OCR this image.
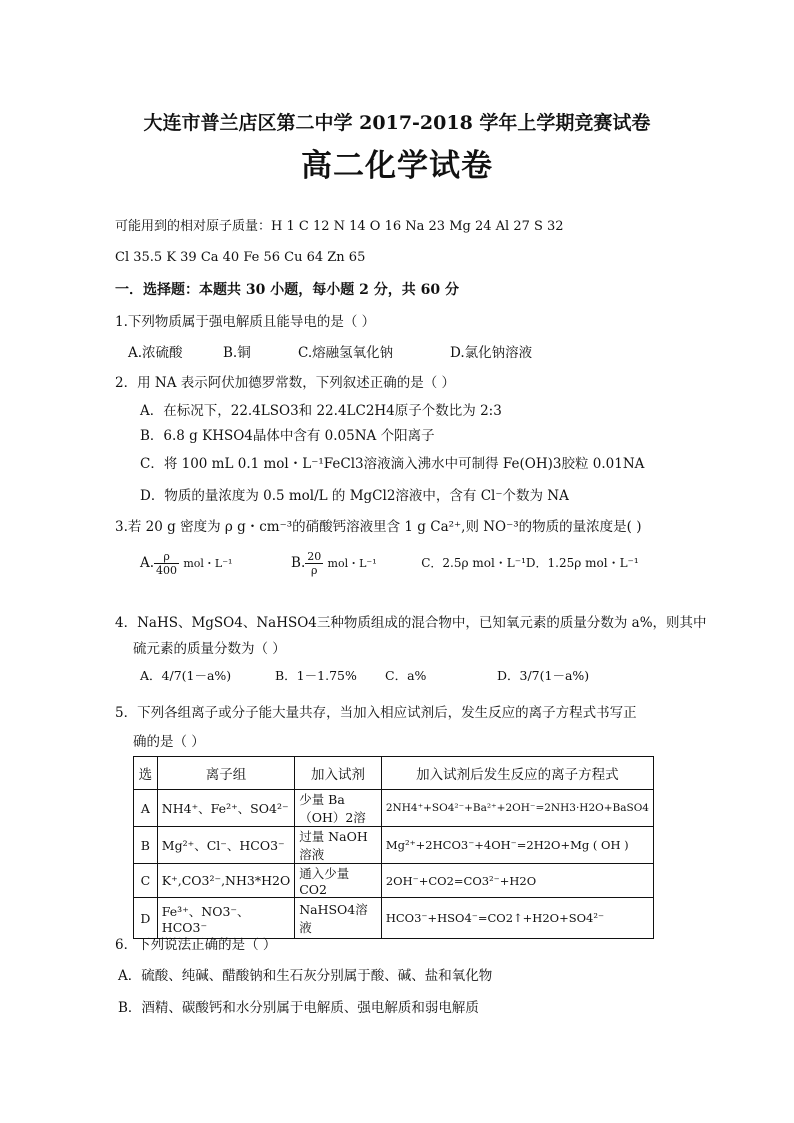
大连市普兰店区第二中学 2017-2018 学年上学期竞赛试卷
高二化学试卷
可能用到的相对原子质量：H 1 C 12 N 14 O 16 Na 23 Mg 24 Al 27 S 32
Cl 35.5 K 39 Ca 40 Fe 56 Cu 64 Zn 65
一．选择题：本题共 30 小题，每小题 2 分，共 60 分
1.下列物质属于强电解质且能导电的是（ ）
A.浓硫酸	B.铜	C.熔融氢氧化钠	D.氯化钠溶液
2．用 NA 表示阿伏加德罗常数，下列叙述正确的是（ ）
A．在标况下，22.4LSO3和 22.4LC2H4原子个数比为 2:3
B．6.8 g KHSO4晶体中含有 0.05NA 个阳离子
C．将 100 mL 0.1 mol・L⁻¹FeCl3溶液滴入沸水中可制得 Fe(OH)3胶粒 0.01NA
D．物质的量浓度为 0.5 mol/L 的 MgCl2溶液中，含有 Cl⁻个数为 NA
3.若 20 g 密度为 ρ g・cm⁻³的硝酸钙溶液里含 1 g Ca²⁺,则 NO⁻³的物质的量浓度是( )
A. $\frac{\rho}{400}$ mol・L⁻¹	B. $\frac{20}{\rho}$ mol・L⁻¹	C．2.5ρ mol・L⁻¹D．1.25ρ mol・L⁻¹
4．NaHS、MgSO4、NaHSO4三种物质组成的混合物中，已知氧元素的质量分数为 a%，则其中
硫元素的质量分数为（ ）
A．4/7(1－a%)	B．1－1.75% C．a%	D．3/7(1－a%)
5．下列各组离子或分子能大量共存，当加入相应试剂后，发生反应的离子方程式书写正
确的是（ ）
选	离子组	加入试剂	加入试剂后发生反应的离子方程式
A	NH4⁺、Fe²⁺、SO4²⁻	少量 Ba（OH）2溶	2NH4⁺+SO4²⁻+Ba²⁺+2OH⁻=2NH3·H2O+BaSO4
B	Mg²⁺、Cl⁻、HCO3⁻	过量 NaOH 溶液	Mg²⁺+2HCO3⁻+4OH⁻=2H2O+Mg ( OH )
C	K⁺,CO3²⁻,NH3*H2O	通入少量 CO2	2OH⁻+CO2=CO3²⁻+H2O
D	Fe³⁺、NO3⁻、HCO3⁻	NaHSO4溶液	HCO3⁻+HSO4⁻=CO2↑+H2O+SO4²⁻
6．下列说法正确的是（ ）
A．硫酸、纯碱、醋酸钠和生石灰分别属于酸、碱、盐和氧化物
B．酒精、碳酸钙和水分别属于电解质、强电解质和弱电解质
